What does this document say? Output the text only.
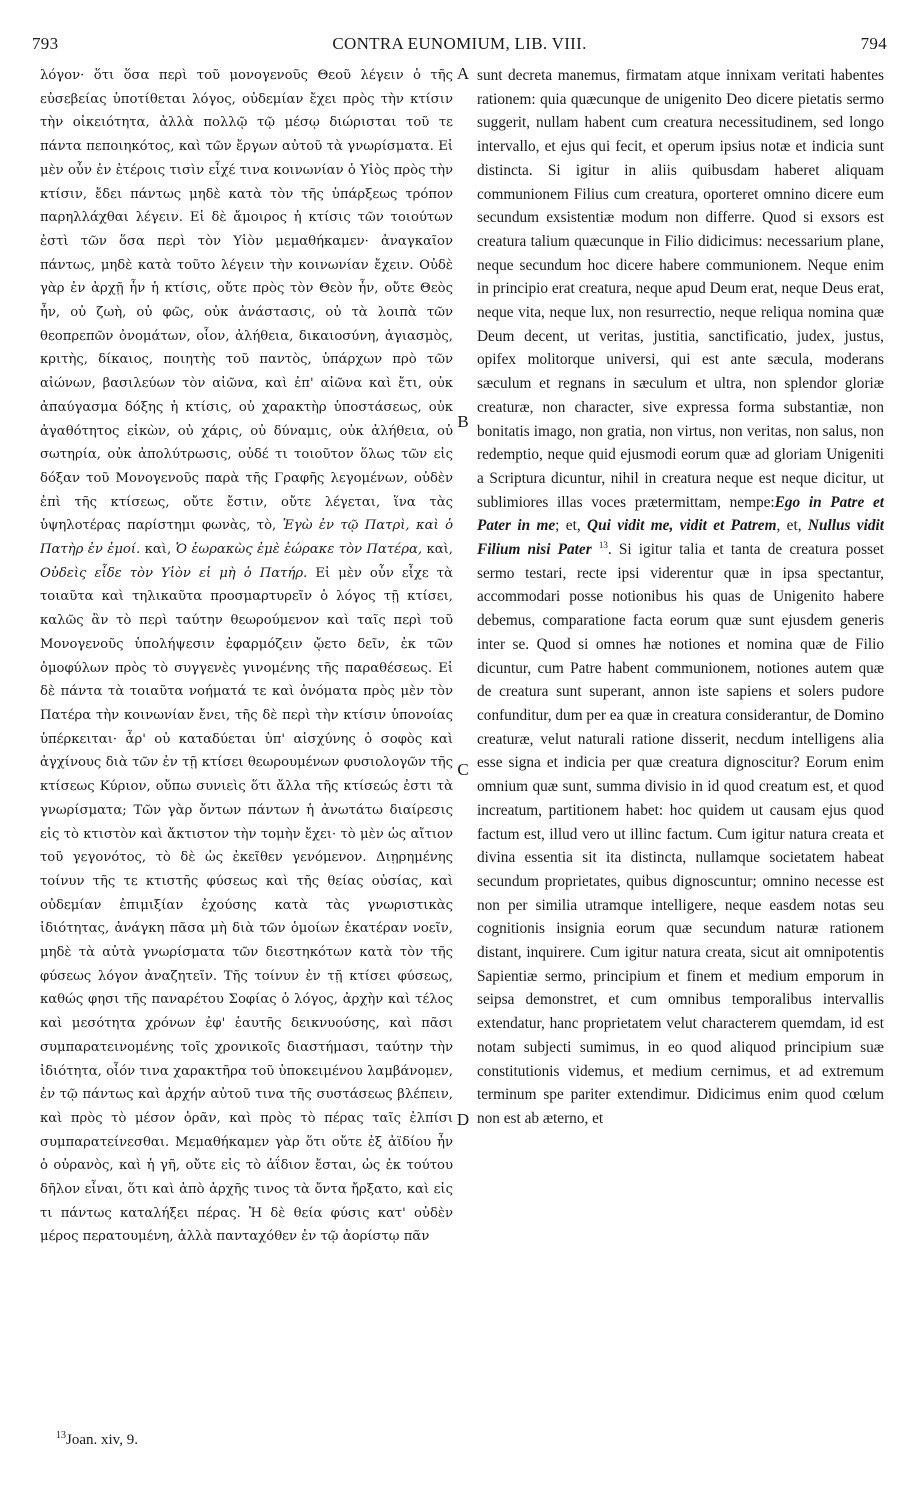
793	CONTRA EUNOMIUM, LIB. VIII.	794

λόγον· ὅτι ὅσα περὶ τοῦ μονογενοῦς Θεοῦ λέγειν ὁ τῆς εὐσεβείας ὑποτίθεται λόγος, οὐδεμίαν ἔχει πρὸς τὴν κτίσιν τὴν οἰκειότητα, ἀλλὰ πολλῷ τῷ μέσῳ διώρισται τοῦ τε πάντα πεποιηκότος, καὶ τῶν ἔργων αὐτοῦ τὰ γνωρίσματα. Εἰ μὲν οὖν ἐν ἑτέροις τισὶν εἶχέ τινα κοινωνίαν ὁ Υἱὸς πρὸς τὴν κτίσιν, ἔδει πάντως μηδὲ κατὰ τὸν τῆς ὑπάρξεως τρόπον παρηλλάχθαι λέγειν. Εἰ δὲ ἄμοιρος ἡ κτίσις τῶν τοιούτων ἐστὶ τῶν ὅσα περὶ τὸν Υἱὸν μεμαθήκαμεν· ἀναγκαῖον πάντως, μηδὲ κατὰ τοῦτο λέγειν τὴν κοινωνίαν ἔχειν. Οὐδὲ γὰρ ἐν ἀρχῇ ἦν ἡ κτίσις, οὔτε πρὸς τὸν Θεὸν ἦν, οὔτε Θεὸς ἦν, οὐ ζωὴ, οὐ φῶς, οὐκ ἀνάστασις, οὐ τὰ λοιπὰ τῶν θεοπρεπῶν ὀνομάτων, οἷον, ἀλήθεια, δικαιοσύνη, ἁγιασμὸς, κριτὴς, δίκαιος, ποιητὴς τοῦ παντὸς, ὑπάρχων πρὸ τῶν αἰώνων, βασιλεύων τὸν αἰῶνα, καὶ ἐπ' αἰῶνα καὶ ἔτι, οὐκ ἀπαύγασμα δόξης ἡ κτίσις, οὐ χαρακτὴρ ὑποστάσεως, οὐκ ἀγαθότητος εἰκὼν, οὐ χάρις, οὐ δύναμις, οὐκ ἀλήθεια, οὐ σωτηρία, οὐκ ἀπολύτρωσις, οὐδέ τι τοιοῦτον ὅλως τῶν εἰς δόξαν τοῦ Μονογενοῦς παρὰ τῆς Γραφῆς λεγομένων, οὐδὲν ἐπὶ τῆς κτίσεως, οὔτε ἔστιν, οὔτε λέγεται, ἵνα τὰς ὑψηλοτέρας παρίστημι φωνὰς, τὸ, Ἐγὼ ἐν τῷ Πατρὶ, καὶ ὁ Πατὴρ ἐν ἐμοί. καὶ, Ὁ ἑωρακὼς ἐμὲ ἑώρακε τὸν Πατέρα, καὶ, Οὐδεὶς εἶδε τὸν Υἱὸν εἰ μὴ ὁ Πατήρ. Εἰ μὲν οὖν εἶχε τὰ τοιαῦτα καὶ τηλικαῦτα προσμαρτυρεῖν ὁ λόγος τῇ κτίσει, καλῶς ἂν τὸ περὶ ταύτην θεωρούμενον καὶ ταῖς περὶ τοῦ Μονογενοῦς ὑπολήψεσιν ἐφαρμόζειν ᾤετο δεῖν, ἐκ τῶν ὁμοφύλων πρὸς τὸ συγγενὲς γινομένης τῆς παραθέσεως. Εἰ δὲ πάντα τὰ τοιαῦτα νοήματά τε καὶ ὀνόματα πρὸς μὲν τὸν Πατέρα τὴν κοινωνίαν ἔνει, τῆς δὲ περὶ τὴν κτίσιν ὑπονοίας ὑπέρκειται· ἆρ' οὐ καταδύεται ὑπ' αἰσχύνης ὁ σοφὸς καὶ ἀγχίνους διὰ τῶν ἐν τῇ κτίσει θεωρουμένων φυσιολογῶν τῆς κτίσεως Κύριον, οὔπω συνιεὶς ὅτι ἄλλα τῆς κτίσεώς ἐστι τὰ γνωρίσματα; Τῶν γὰρ ὄντων πάντων ἡ ἀνωτάτω διαίρεσις εἰς τὸ κτιστὸν καὶ ἄκτιστον τὴν τομὴν ἔχει· τὸ μὲν ὡς αἴτιον τοῦ γεγονότος, τὸ δὲ ὡς ἐκεῖθεν γενόμενον. Διῃρημένης τοίνυν τῆς τε κτιστῆς φύσεως καὶ τῆς θείας οὐσίας, καὶ οὐδεμίαν ἐπιμιξίαν ἐχούσης κατὰ τὰς γνωριστικὰς ἰδιότητας, ἀνάγκη πᾶσα μὴ διὰ τῶν ὁμοίων ἑκατέραν νοεῖν, μηδὲ τὰ αὐτὰ γνωρίσματα τῶν διεστηκότων κατὰ τὸν τῆς φύσεως λόγον ἀναζητεῖν. Τῆς τοίνυν ἐν τῇ κτίσει φύσεως, καθώς φησι τῆς παναρέτου Σοφίας ὁ λόγος, ἀρχὴν καὶ τέλος καὶ μεσότητα χρόνων ἐφ' ἑαυτῆς δεικνυούσης, καὶ πᾶσι συμπαρατεινομένης τοῖς χρονικοῖς διαστήμασι, ταύτην τὴν ἰδιότητα, οἷόν τινα χαρακτῆρα τοῦ ὑποκειμένου λαμβάνομεν, ἐν τῷ πάντως καὶ ἀρχήν αὐτοῦ τινα τῆς συστάσεως βλέπειν, καὶ πρὸς τὸ μέσον ὁρᾶν, καὶ πρὸς τὸ πέρας ταῖς ἐλπίσι συμπαρατείνεσθαι. Μεμαθήκαμεν γὰρ ὅτι οὔτε ἐξ ἀϊδίου ἦν ὁ οὐρανὸς, καὶ ἡ γῆ, οὔτε εἰς τὸ ἀΐδιον ἔσται, ὡς ἐκ τούτου δῆλον εἶναι, ὅτι καὶ ἀπὸ ἀρχῆς τινος τὰ ὄντα ἤρξατο, καὶ εἰς τι πάντως καταλήξει πέρας. Ἡ δὲ θεία φύσις κατ' οὐδὲν μέρος περατουμένη, ἀλλὰ πανταχόθεν ἐν τῷ ἀορίστῳ πᾶν

A
B
C
D

sunt decreta manemus, firmatam atque innixam veritati habentes rationem: quia quæcunque de unigenito Deo dicere pietatis sermo suggerit, nullam habent cum creatura necessitudinem, sed longo intervallo, et ejus qui fecit, et operum ipsius notæ et indicia sunt distincta. Si igitur in aliis quibusdam haberet aliquam communionem Filius cum creatura, oporteret omnino dicere eum secundum exsistentiæ modum non differre. Quod si exsors est creatura talium quæcunque in Filio didicimus: necessarium plane, neque secundum hoc dicere habere communionem. Neque enim in principio erat creatura, neque apud Deum erat, neque Deus erat, neque vita, neque lux, non resurrectio, neque reliqua nomina quæ Deum decent, ut veritas, justitia, sanctificatio, judex, justus, opifex molitorque universi, qui est ante sæcula, moderans sæculum et regnans in sæculum et ultra, non splendor gloriæ creaturæ, non character, sive expressa forma substantiæ, non bonitatis imago, non gratia, non virtus, non veritas, non salus, non redemptio, neque quid ejusmodi eorum quæ ad gloriam Unigeniti a Scriptura dicuntur, nihil in creatura neque est neque dicitur, ut sublimiores illas voces prætermittam, nempe:Ego in Patre et Pater in me; et, Qui vidit me, vidit et Patrem, et, Nullus vidit Filium nisi Pater $^{13}$. Si igitur talia et tanta de creatura posset sermo testari, recte ipsi viderentur quæ in ipsa spectantur, accommodari posse notionibus his quas de Unigenito habere debemus, comparatione facta eorum quæ sunt ejusdem generis inter se. Quod si omnes hæ notiones et nomina quæ de Filio dicuntur, cum Patre habent communionem, notiones autem quæ de creatura sunt superant, annon iste sapiens et solers pudore confunditur, dum per ea quæ in creatura considerantur, de Domino creaturæ, velut naturali ratione disserit, necdum intelligens alia esse signa et indicia per quæ creatura dignoscitur? Eorum enim omnium quæ sunt, summa divisio in id quod creatum est, et quod increatum, partitionem habet: hoc quidem ut causam ejus quod factum est, illud vero ut illinc factum. Cum igitur natura creata et divina essentia sit ita distincta, nullamque societatem habeat secundum proprietates, quibus dignoscuntur; omnino necesse est non per similia utramque intelligere, neque easdem notas seu cognitionis insignia eorum quæ secundum naturæ rationem distant, inquirere. Cum igitur natura creata, sicut ait omnipotentis Sapientiæ sermo, principium et finem et medium emporum in seipsa demonstret, et cum omnibus temporalibus intervallis extendatur, hanc proprietatem velut characterem quemdam, id est notam subjecti sumimus, in eo quod aliquod principium suæ constitutionis videmus, et medium cernimus, et ad extremum terminum spe pariter extendimur. Didicimus enim quod cœlum non est ab æterno, et

$^{13}$Joan. xiv, 9.
